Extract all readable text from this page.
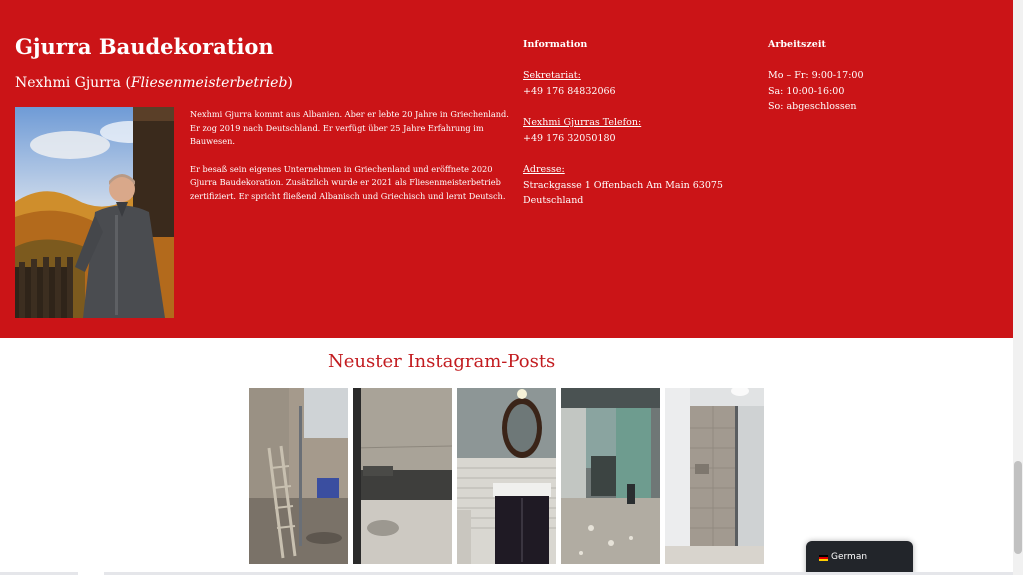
Gjurra Baudekoration
Nexhmi Gjurra (Fliesenmeisterbetrieb)

Nexhmi Gjurra kommt aus Albanien. Aber er lebte 20 Jahre in Griechenland. Er zog 2019 nach Deutschland. Er verfügt über 25 Jahre Erfahrung im Bauwesen.

Er besaß sein eigenes Unternehmen in Griechenland und eröffnete 2020 Gjurra Baudekoration. Zusätzlich wurde er 2021 als Fliesenmeisterbetrieb zertifiziert. Er spricht fließend Albanisch und Griechisch und lernt Deutsch.

Information
Sekretariat:
+49 176 84832066
Nexhmi Gjurras Telefon:
+49 176 32050180
Adresse:
Strackgasse 1 Offenbach Am Main 63075
Deutschland
Arbeitszeit
Mo – Fr: 9:00-17:00
Sa: 10:00-16:00
So: abgeschlossen
Neuster Instagram-Posts
German
